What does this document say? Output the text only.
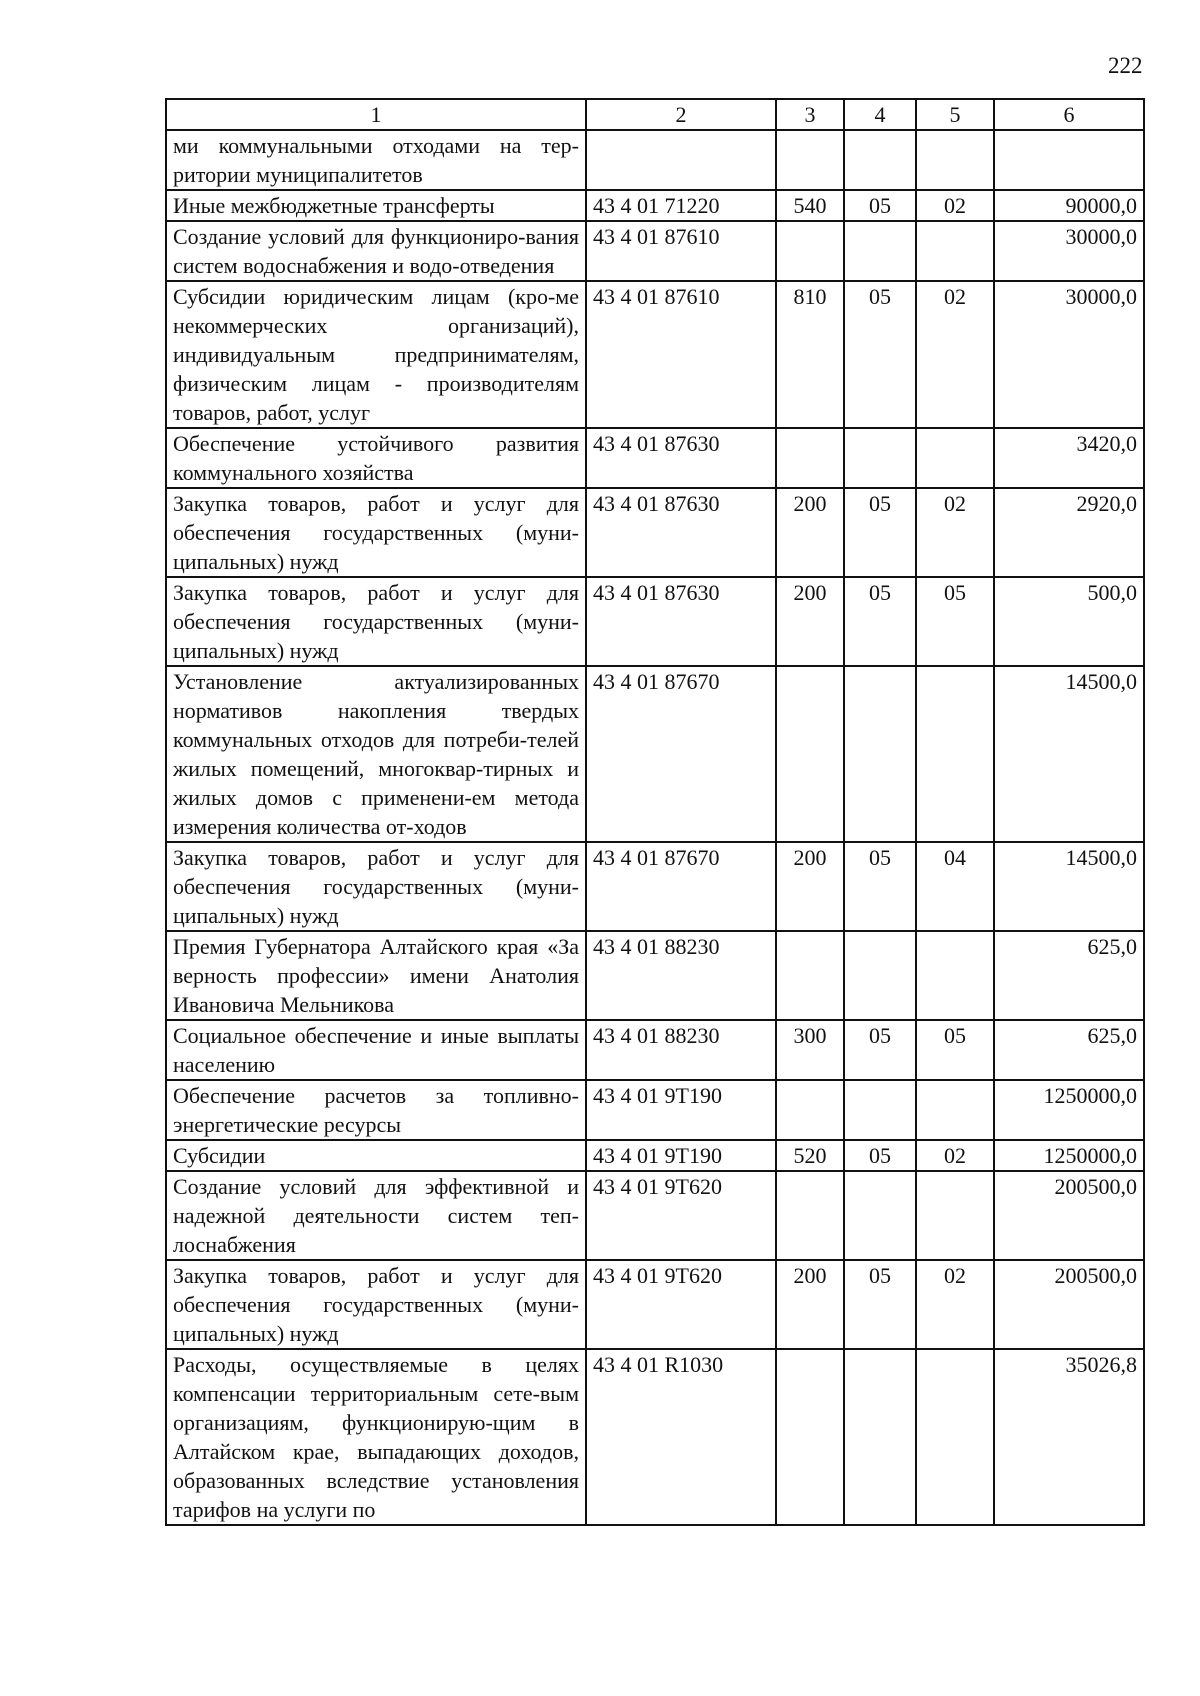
222
1	2	3	4	5	6
ми коммунальными отходами на тер-ритории муниципалитетов					
Иные межбюджетные трансферты	43 4 01 71220	540	05	02	90000,0
Создание условий для функциониро-вания систем водоснабжения и водо-отведения	43 4 01 87610				30000,0
Субсидии юридическим лицам (кро-ме некоммерческих организаций), индивидуальным предпринимателям, физическим лицам - производителям товаров, работ, услуг	43 4 01 87610	810	05	02	30000,0
Обеспечение устойчивого развития коммунального хозяйства	43 4 01 87630				3420,0
Закупка товаров, работ и услуг для обеспечения государственных (муни-ципальных) нужд	43 4 01 87630	200	05	02	2920,0
Закупка товаров, работ и услуг для обеспечения государственных (муни-ципальных) нужд	43 4 01 87630	200	05	05	500,0
Установление актуализированных нормативов накопления твердых коммунальных отходов для потреби-телей жилых помещений, многоквар-тирных и жилых домов с применени-ем метода измерения количества от-ходов	43 4 01 87670				14500,0
Закупка товаров, работ и услуг для обеспечения государственных (муни-ципальных) нужд	43 4 01 87670	200	05	04	14500,0
Премия Губернатора Алтайского края «За верность профессии» имени Анатолия Ивановича Мельникова	43 4 01 88230				625,0
Социальное обеспечение и иные выплаты населению	43 4 01 88230	300	05	05	625,0
Обеспечение расчетов за топливно-энергетические ресурсы	43 4 01 9Т190				1250000,0
Субсидии	43 4 01 9Т190	520	05	02	1250000,0
Создание условий для эффективной и надежной деятельности систем теп-лоснабжения	43 4 01 9Т620				200500,0
Закупка товаров, работ и услуг для обеспечения государственных (муни-ципальных) нужд	43 4 01 9Т620	200	05	02	200500,0
Расходы, осуществляемые в целях компенсации территориальным сете-вым организациям, функционирую-щим в Алтайском крае, выпадающих доходов, образованных вследствие установления тарифов на услуги по	43 4 01 R1030				35026,8
